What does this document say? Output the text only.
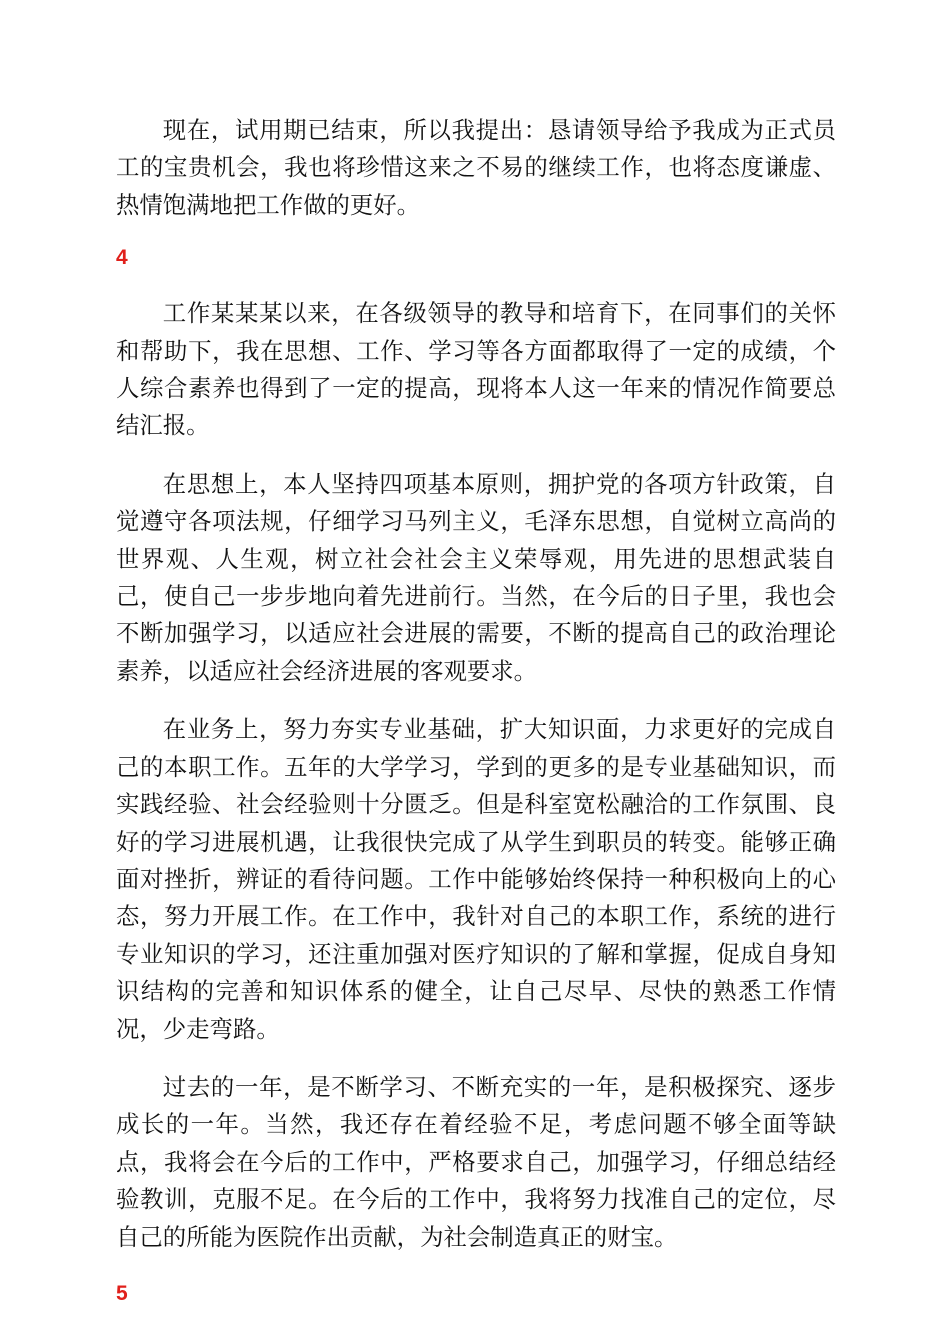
现在，试用期已结束，所以我提出：恳请领导给予我成为正式员工的宝贵机会，我也将珍惜这来之不易的继续工作，也将态度谦虚、热情饱满地把工作做的更好。

4

工作某某某以来，在各级领导的教导和培育下，在同事们的关怀和帮助下，我在思想、工作、学习等各方面都取得了一定的成绩，个人综合素养也得到了一定的提高，现将本人这一年来的情况作简要总结汇报。

在思想上，本人坚持四项基本原则，拥护党的各项方针政策，自觉遵守各项法规，仔细学习马列主义，毛泽东思想，自觉树立高尚的世界观、人生观，树立社会社会主义荣辱观，用先进的思想武装自己，使自己一步步地向着先进前行。当然，在今后的日子里，我也会不断加强学习，以适应社会进展的需要，不断的提高自己的政治理论素养，以适应社会经济进展的客观要求。

在业务上，努力夯实专业基础，扩大知识面，力求更好的完成自己的本职工作。五年的大学学习，学到的更多的是专业基础知识，而实践经验、社会经验则十分匮乏。但是科室宽松融洽的工作氛围、良好的学习进展机遇，让我很快完成了从学生到职员的转变。能够正确面对挫折，辨证的看待问题。工作中能够始终保持一种积极向上的心态，努力开展工作。在工作中，我针对自己的本职工作，系统的进行专业知识的学习，还注重加强对医疗知识的了解和掌握，促成自身知识结构的完善和知识体系的健全，让自己尽早、尽快的熟悉工作情况，少走弯路。

过去的一年，是不断学习、不断充实的一年，是积极探究、逐步成长的一年。当然，我还存在着经验不足，考虑问题不够全面等缺点，我将会在今后的工作中，严格要求自己，加强学习，仔细总结经验教训，克服不足。在今后的工作中，我将努力找准自己的定位，尽自己的所能为医院作出贡献，为社会制造真正的财宝。

5
